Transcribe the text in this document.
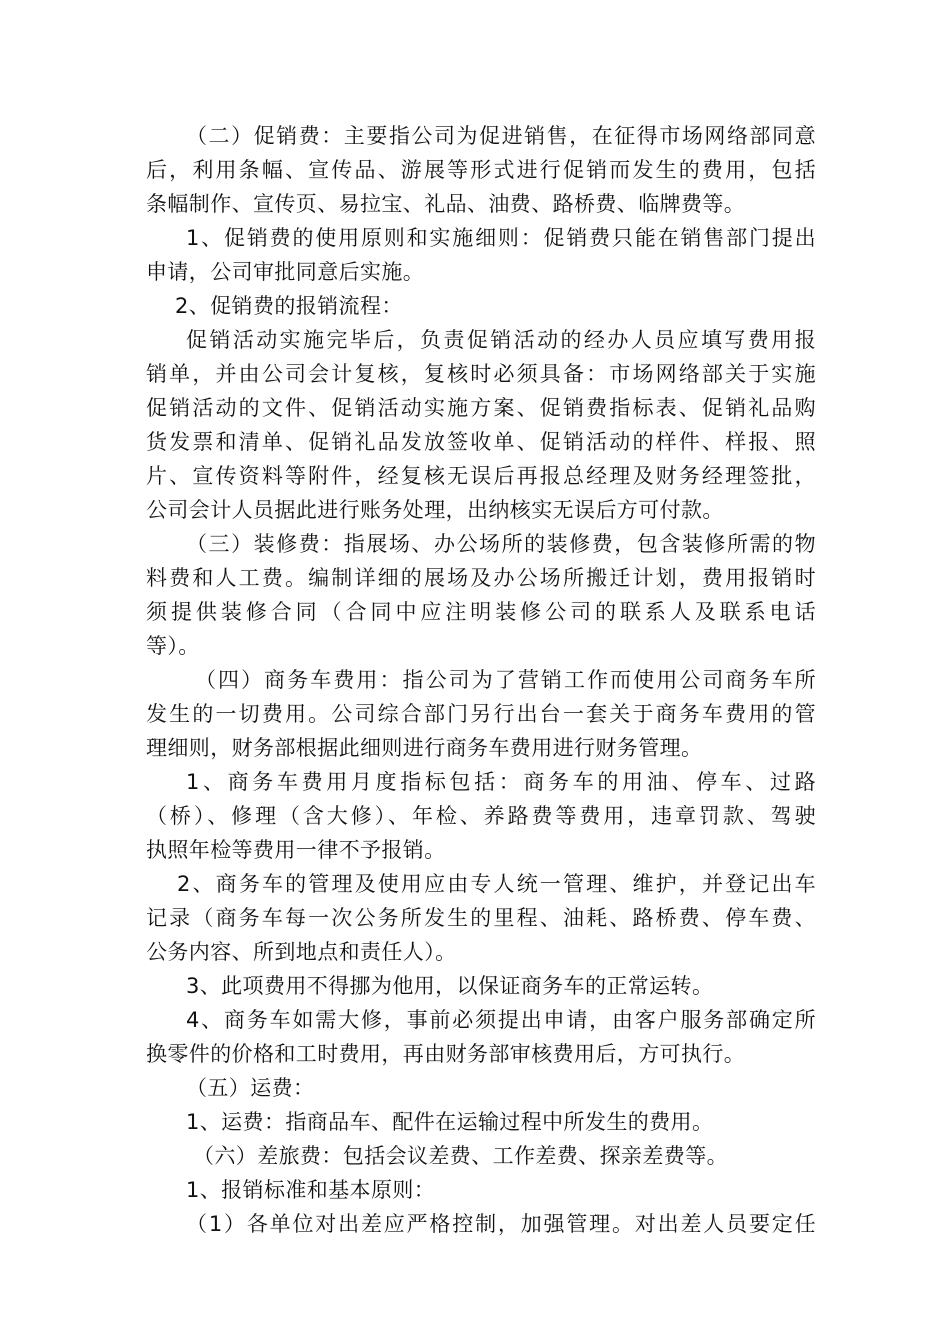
（二）促销费：主要指公司为促进销售，在征得市场网络部同意
后，利用条幅、宣传品、游展等形式进行促销而发生的费用，包括
条幅制作、宣传页、易拉宝、礼品、油费、路桥费、临牌费等。
1、促销费的使用原则和实施细则：促销费只能在销售部门提出
申请，公司审批同意后实施。
2、促销费的报销流程：
促销活动实施完毕后，负责促销活动的经办人员应填写费用报
销单，并由公司会计复核，复核时必须具备：市场网络部关于实施
促销活动的文件、促销活动实施方案、促销费指标表、促销礼品购
货发票和清单、促销礼品发放签收单、促销活动的样件、样报、照
片、宣传资料等附件，经复核无误后再报总经理及财务经理签批，
公司会计人员据此进行账务处理，出纳核实无误后方可付款。
（三）装修费：指展场、办公场所的装修费，包含装修所需的物
料费和人工费。编制详细的展场及办公场所搬迁计划，费用报销时
须提供装修合同（合同中应注明装修公司的联系人及联系电话
等）。
（四）商务车费用：指公司为了营销工作而使用公司商务车所
发生的一切费用。公司综合部门另行出台一套关于商务车费用的管
理细则，财务部根据此细则进行商务车费用进行财务管理。
1、商务车费用月度指标包括：商务车的用油、停车、过路
（桥）、修理（含大修）、年检、养路费等费用，违章罚款、驾驶
执照年检等费用一律不予报销。
2、商务车的管理及使用应由专人统一管理、维护，并登记出车
记录（商务车每一次公务所发生的里程、油耗、路桥费、停车费、
公务内容、所到地点和责任人）。
3、此项费用不得挪为他用，以保证商务车的正常运转。
4、商务车如需大修，事前必须提出申请，由客户服务部确定所
换零件的价格和工时费用，再由财务部审核费用后，方可执行。
（五）运费：
1、运费：指商品车、配件在运输过程中所发生的费用。
（六）差旅费：包括会议差费、工作差费、探亲差费等。
1、报销标准和基本原则：
（1）各单位对出差应严格控制，加强管理。对出差人员要定任
